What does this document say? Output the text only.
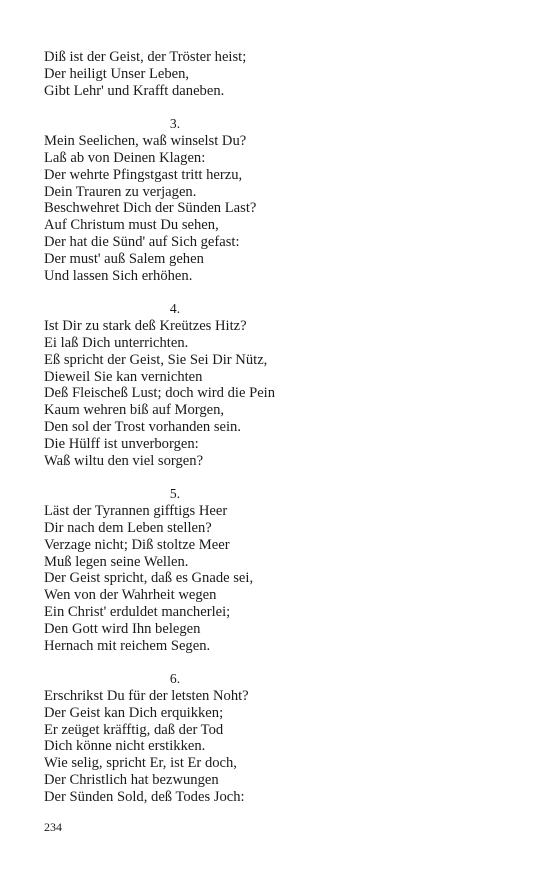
Diß ist der Geist, der Tröster heist;
Der heiligt Unser Leben,
Gibt Lehr' und Krafft daneben.
3.
Mein Seelichen, waß winselst Du?
Laß ab von Deinen Klagen:
Der wehrte Pfingstgast tritt herzu,
Dein Trauren zu verjagen.
Beschwehret Dich der Sünden Last?
Auf Christum must Du sehen,
Der hat die Sünd' auf Sich gefast:
Der must' auß Salem gehen
Und lassen Sich erhöhen.
4.
Ist Dir zu stark deß Kreützes Hitz?
Ei laß Dich unterrichten.
Eß spricht der Geist, Sie Sei Dir Nütz,
Dieweil Sie kan vernichten
Deß Fleischeß Lust; doch wird die Pein
Kaum wehren biß auf Morgen,
Den sol der Trost vorhanden sein.
Die Hülff ist unverborgen:
Waß wiltu den viel sorgen?
5.
Läst der Tyrannen gifftigs Heer
Dir nach dem Leben stellen?
Verzage nicht; Diß stoltze Meer
Muß legen seine Wellen.
Der Geist spricht, daß es Gnade sei,
Wen von der Wahrheit wegen
Ein Christ' erduldet mancherlei;
Den Gott wird Ihn belegen
Hernach mit reichem Segen.
6.
Erschrikst Du für der letsten Noht?
Der Geist kan Dich erquikken;
Er zeüget kräfftig, daß der Tod
Dich könne nicht erstikken.
Wie selig, spricht Er, ist Er doch,
Der Christlich hat bezwungen
Der Sünden Sold, deß Todes Joch:
234
